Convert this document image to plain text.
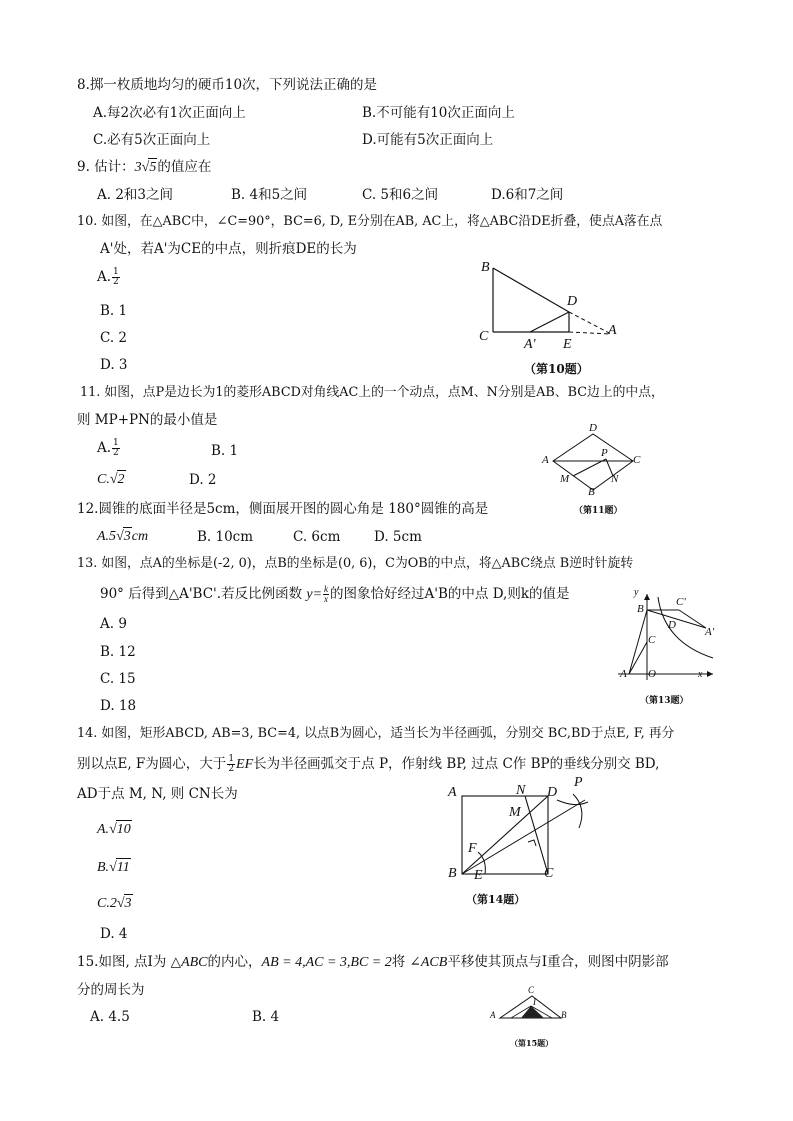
8.掷一枚质地均匀的硬币10次，下列说法正确的是
A.每2次必有1次正面向上	B.不可能有10次正面向上
C.必有5次正面向上	D.可能有5次正面向上
9. 估计：3√5的值应在
A. 2和3之间	B. 4和5之间	C. 5和6之间	D.6和7之间
10. 如图，在△ABC中，∠C=90°，BC=6, D, E分别在AB, AC上，将△ABC沿DE折叠，使点A落在点
A'处，若A'为CE的中点，则折痕DE的长为
A. $\frac{1}{2}$
B. 1
C. 2
D. 3
B
C
D
A' E
A
（第10题）
11. 如图，点P是边长为1的菱形ABCD对角线AC上的一个动点，点M、N分别是AB、BC边上的中点，
则 MP+PN的最小值是
A. $\frac{1}{2}$	B. 1
C.√2	D. 2
D
A
P
C
M	N
B
（第11题）
12.圆锥的底面半径是5cm，侧面展开图的圆心角是 180°圆锥的高是
A.5√3cm	B. 10cm	C. 6cm D. 5cm
13. 如图，点A的坐标是(-2, 0)，点B的坐标是(0, 6)，C为OB的中点，将△ABC绕点 B逆时针旋转
90° 后得到△A'BC'.若反比例函数 $y= \frac{k}{x}$ 的图象恰好经过A'B的中点 D,则k的值是
A. 9
B. 12
C. 15
D. 18
y
B
C'
D
A'
C
A O	x
（第13题）
14. 如图，矩形ABCD, AB=3, BC=4, 以点B为圆心，适当长为半径画弧，分别交 BC,BD于点E, F, 再分
别以点E, F为圆心，大于 $\frac{1}{2}$ EF长为半径画弧交于点 P，作射线 BP, 过点 C作 BP的垂线分别交 BD,
AD于点 M, N, 则 CN长为
A.√10
B.√11
C.2√3
D. 4
A	N D
P
M
F
B E	C
（第14题）
15.如图, 点I为 △ABC的内心，AB = 4,AC = 3,BC = 2将 ∠ACB平移使其顶点与I重合，则图中阴影部
分的周长为
A. 4.5	B. 4
C
I
A	B
（第15题）
